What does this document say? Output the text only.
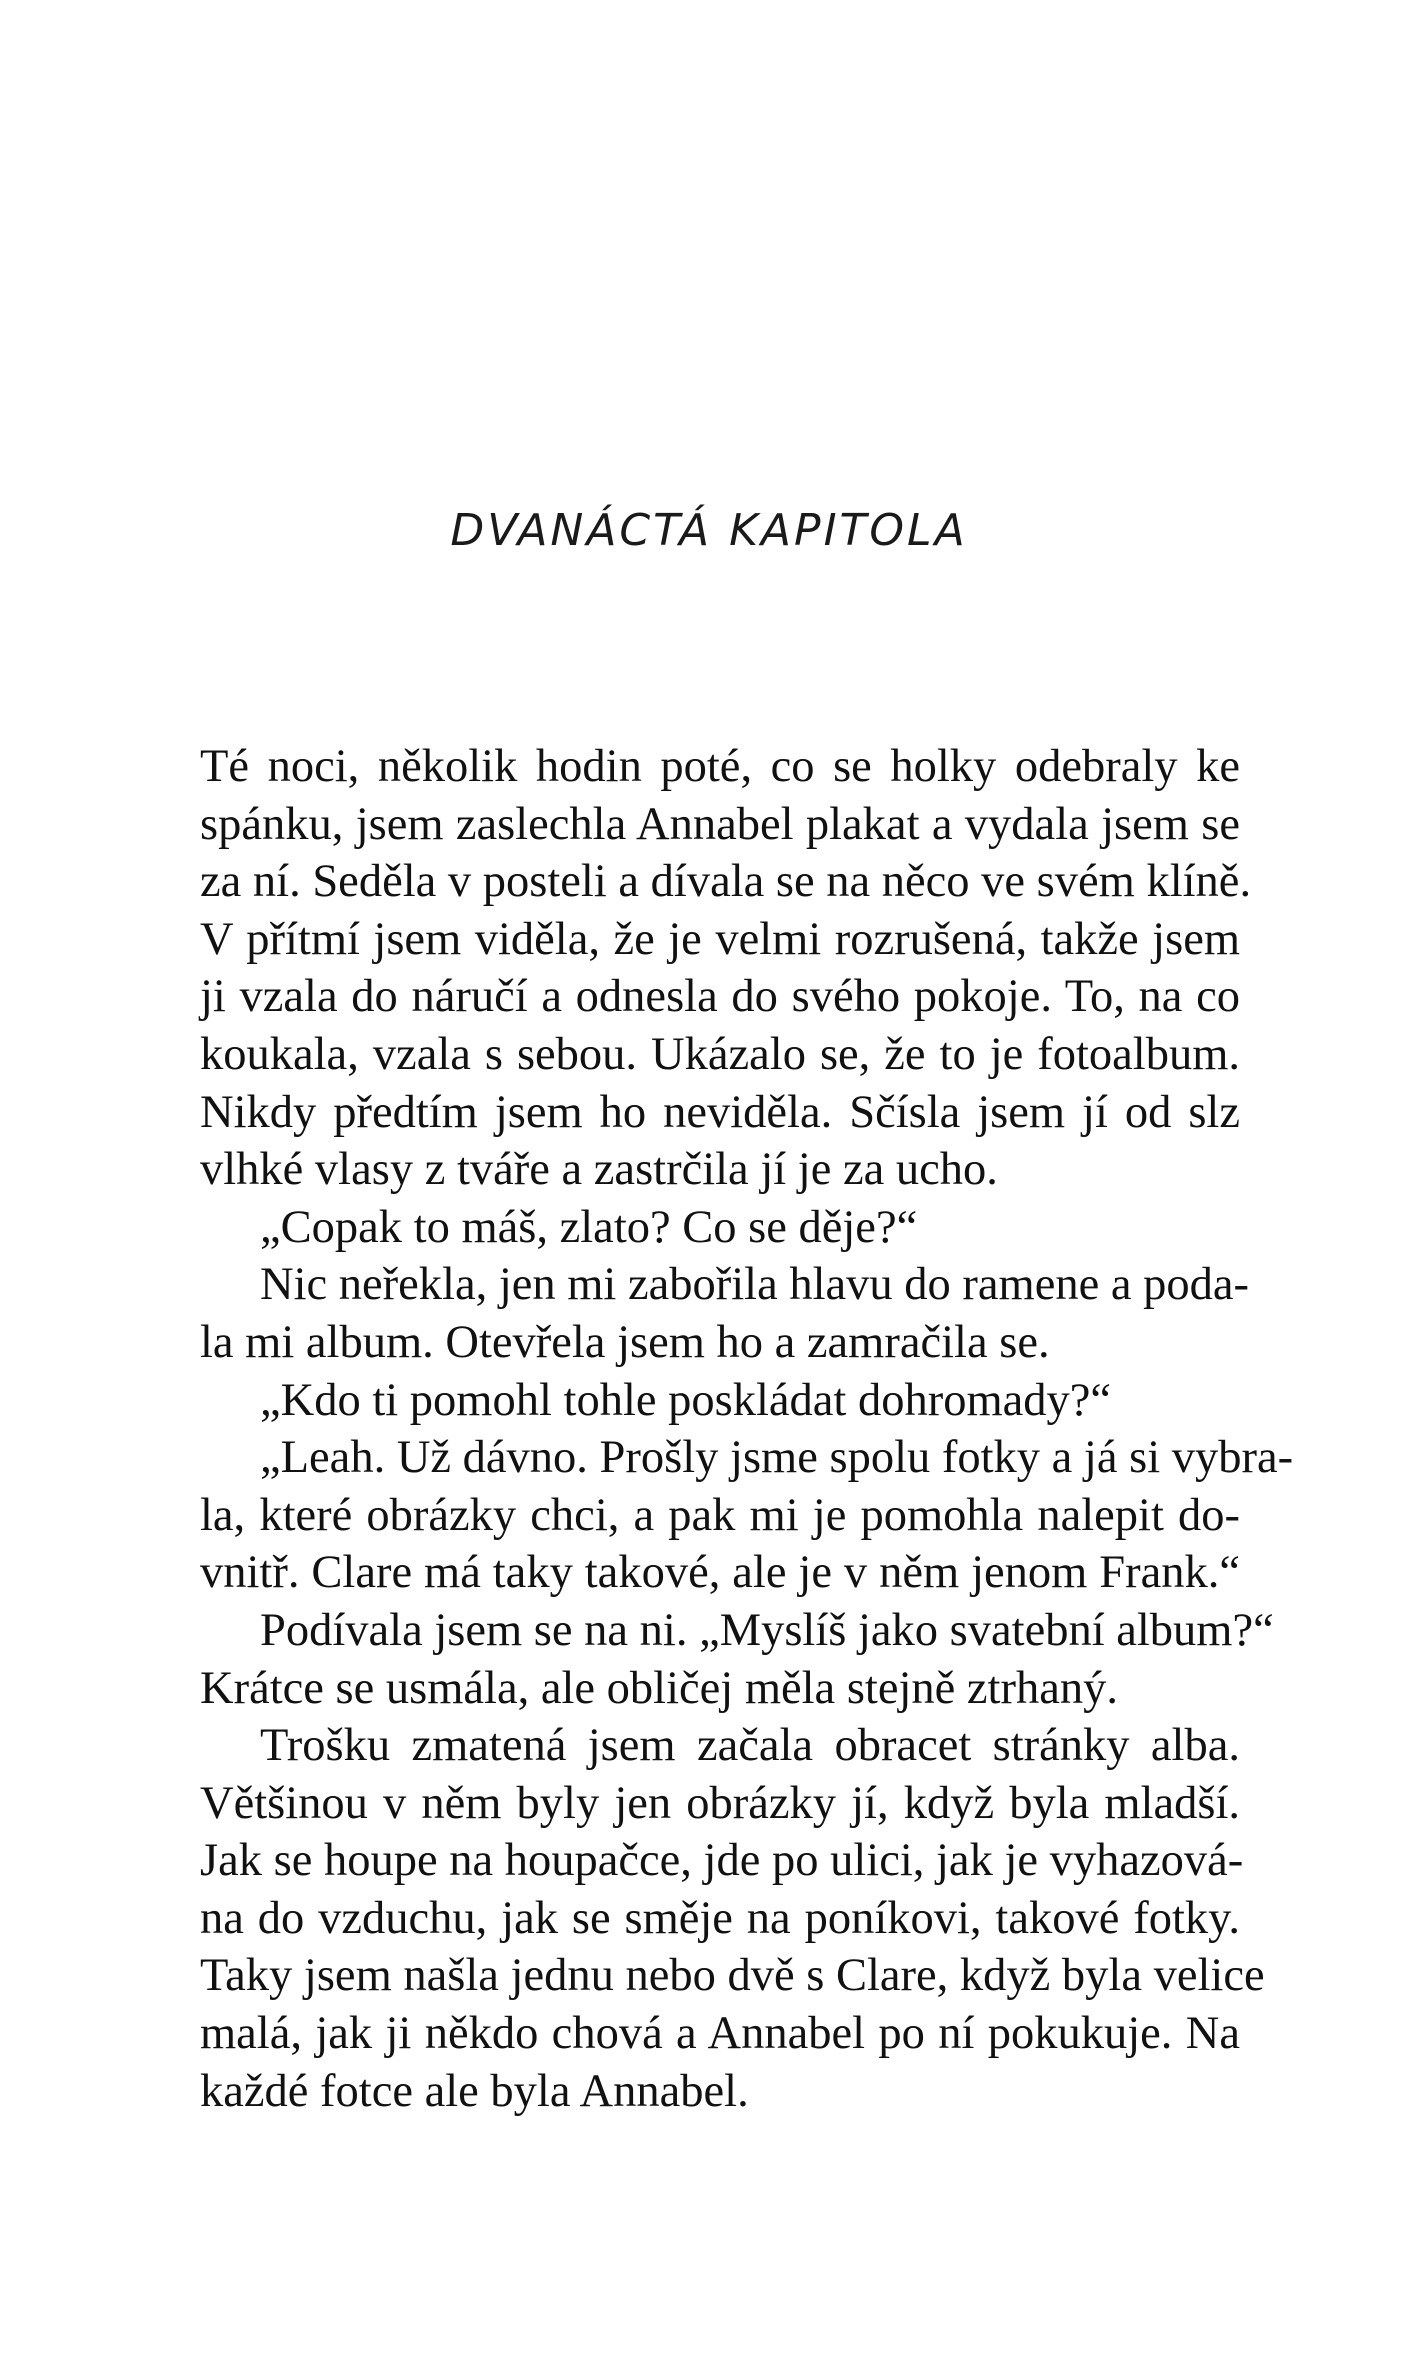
DVANÁCTÁ KAPITOLA
Té noci, několik hodin poté, co se holky odebraly ke
spánku, jsem zaslechla Annabel plakat a vydala jsem se
za ní. Seděla v posteli a dívala se na něco ve svém klíně.
V přítmí jsem viděla, že je velmi rozrušená, takže jsem
ji vzala do náručí a odnesla do svého pokoje. To, na co
koukala, vzala s sebou. Ukázalo se, že to je fotoalbum.
Nikdy předtím jsem ho neviděla. Sčísla jsem jí od slz
vlhké vlasy z tváře a zastrčila jí je za ucho.
„Copak to máš, zlato? Co se děje?“
Nic neřekla, jen mi zabořila hlavu do ramene a poda-
la mi album. Otevřela jsem ho a zamračila se.
„Kdo ti pomohl tohle poskládat dohromady?“
„Leah. Už dávno. Prošly jsme spolu fotky a já si vybra-
la, které obrázky chci, a pak mi je pomohla nalepit do-
vnitř. Clare má taky takové, ale je v něm jenom Frank.“
Podívala jsem se na ni. „Myslíš jako svatební album?“
Krátce se usmála, ale obličej měla stejně ztrhaný.
Trošku zmatená jsem začala obracet stránky alba.
Většinou v něm byly jen obrázky jí, když byla mladší.
Jak se houpe na houpačce, jde po ulici, jak je vyhazová-
na do vzduchu, jak se směje na poníkovi, takové fotky.
Taky jsem našla jednu nebo dvě s Clare, když byla velice
malá, jak ji někdo chová a Annabel po ní pokukuje. Na
každé fotce ale byla Annabel.
